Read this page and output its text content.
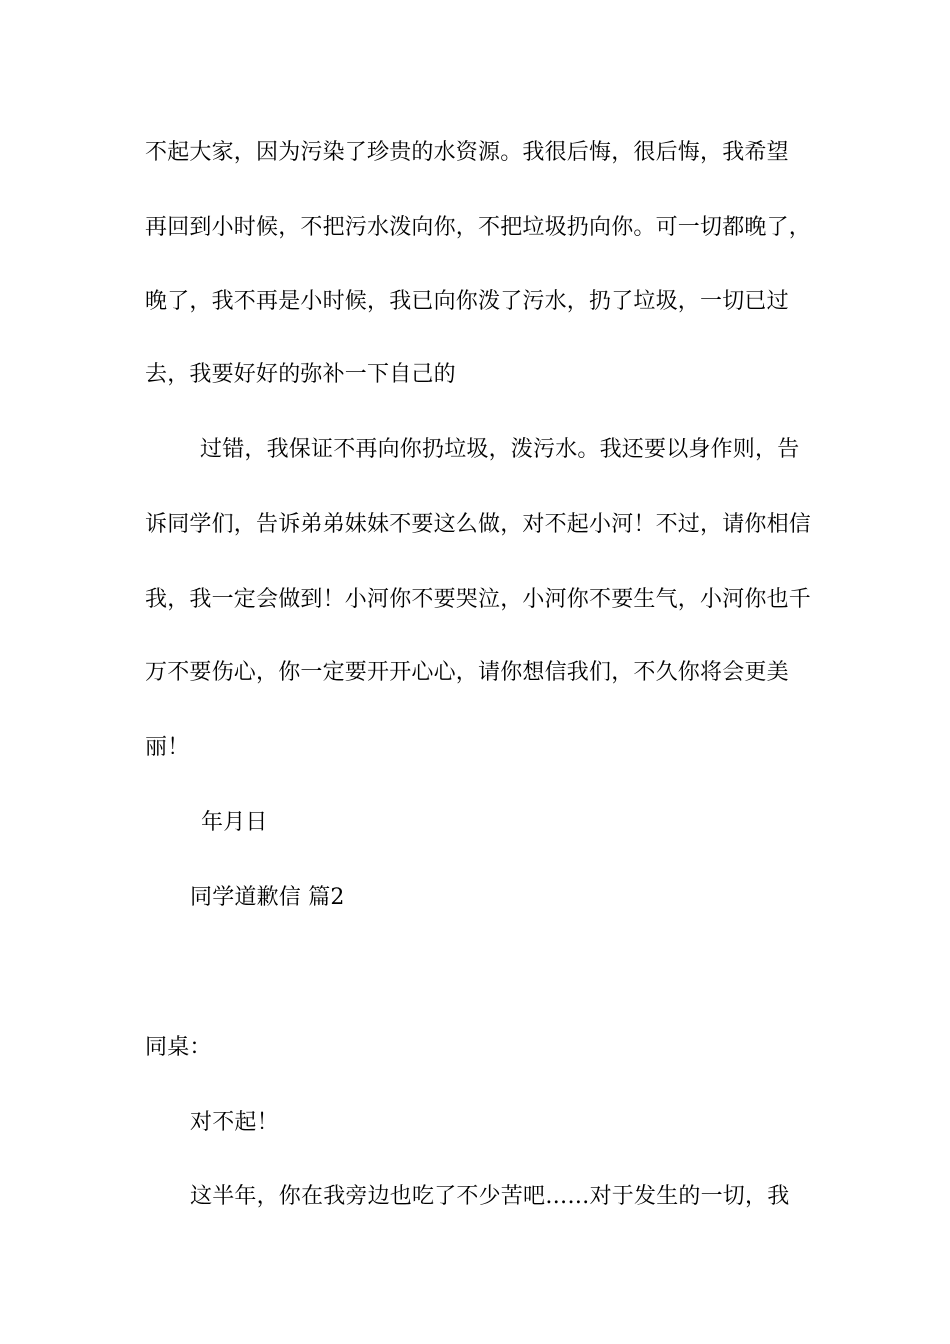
不起大家，因为污染了珍贵的水资源。我很后悔，很后悔，我希望
再回到小时候，不把污水泼向你，不把垃圾扔向你。可一切都晚了，
晚了，我不再是小时候，我已向你泼了污水，扔了垃圾，一切已过
去，我要好好的弥补一下自己的
过错，我保证不再向你扔垃圾，泼污水。我还要以身作则，告
诉同学们，告诉弟弟妹妹不要这么做，对不起小河！不过，请你相信
我，我一定会做到！小河你不要哭泣，小河你不要生气，小河你也千
万不要伤心，你一定要开开心心，请你想信我们，不久你将会更美
丽！
年月日
同学道歉信 篇2
同桌：
对不起！
这半年，你在我旁边也吃了不少苦吧……对于发生的一切，我
